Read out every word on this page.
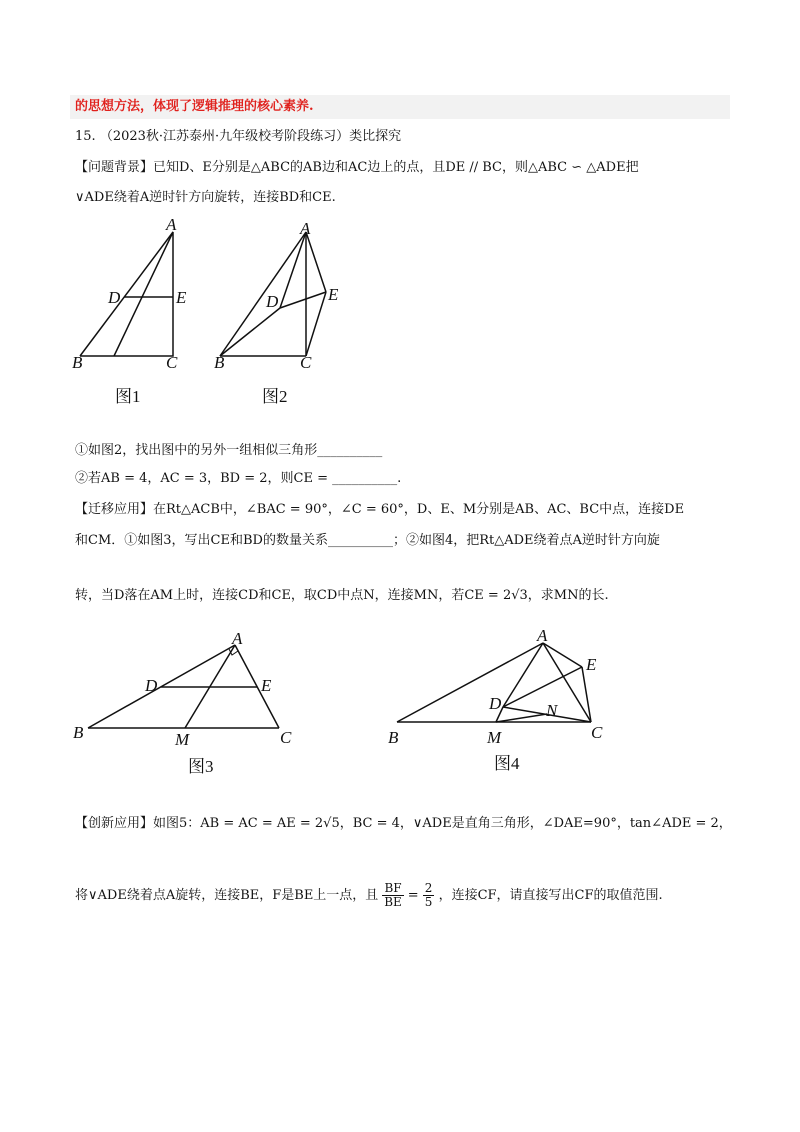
的思想方法，体现了逻辑推理的核心素养.
15. （2023秋·江苏泰州·九年级校考阶段练习）类比探究
【问题背景】已知D、E分别是△ABC的AB边和AC边上的点，且DE // BC，则△ABC ∽ △ADE把
∨ADE绕着A逆时针方向旋转，连接BD和CE.
A
D	E
B	C
图1
A
D	E
B	C
图2
①如图2，找出图中的另外一组相似三角形__________
②若AB = 4，AC = 3，BD = 2，则CE = __________.
【迁移应用】在Rt△ACB中，∠BAC = 90°，∠C = 60°，D、E、M分别是AB、AC、BC中点，连接DE
和CM．①如图3，写出CE和BD的数量关系__________；②如图4，把Rt△ADE绕着点A逆时针方向旋
转，当D落在AM上时，连接CD和CE，取CD中点N，连接MN，若CE = 2√3，求MN的长.
A
D	E
B	M	C
图3
A
E
D	N
B	M	C
图4
【创新应用】如图5：AB = AC = AE = 2√5，BC = 4，∨ADE是直角三角形，∠DAE=90°，tan∠ADE = 2，
将∨ADE绕着点A旋转，连接BE，F是BE上一点，且 $\frac{BF}{BE} = \frac{2}{5}$ ，连接CF，请直接写出CF的取值范围.
